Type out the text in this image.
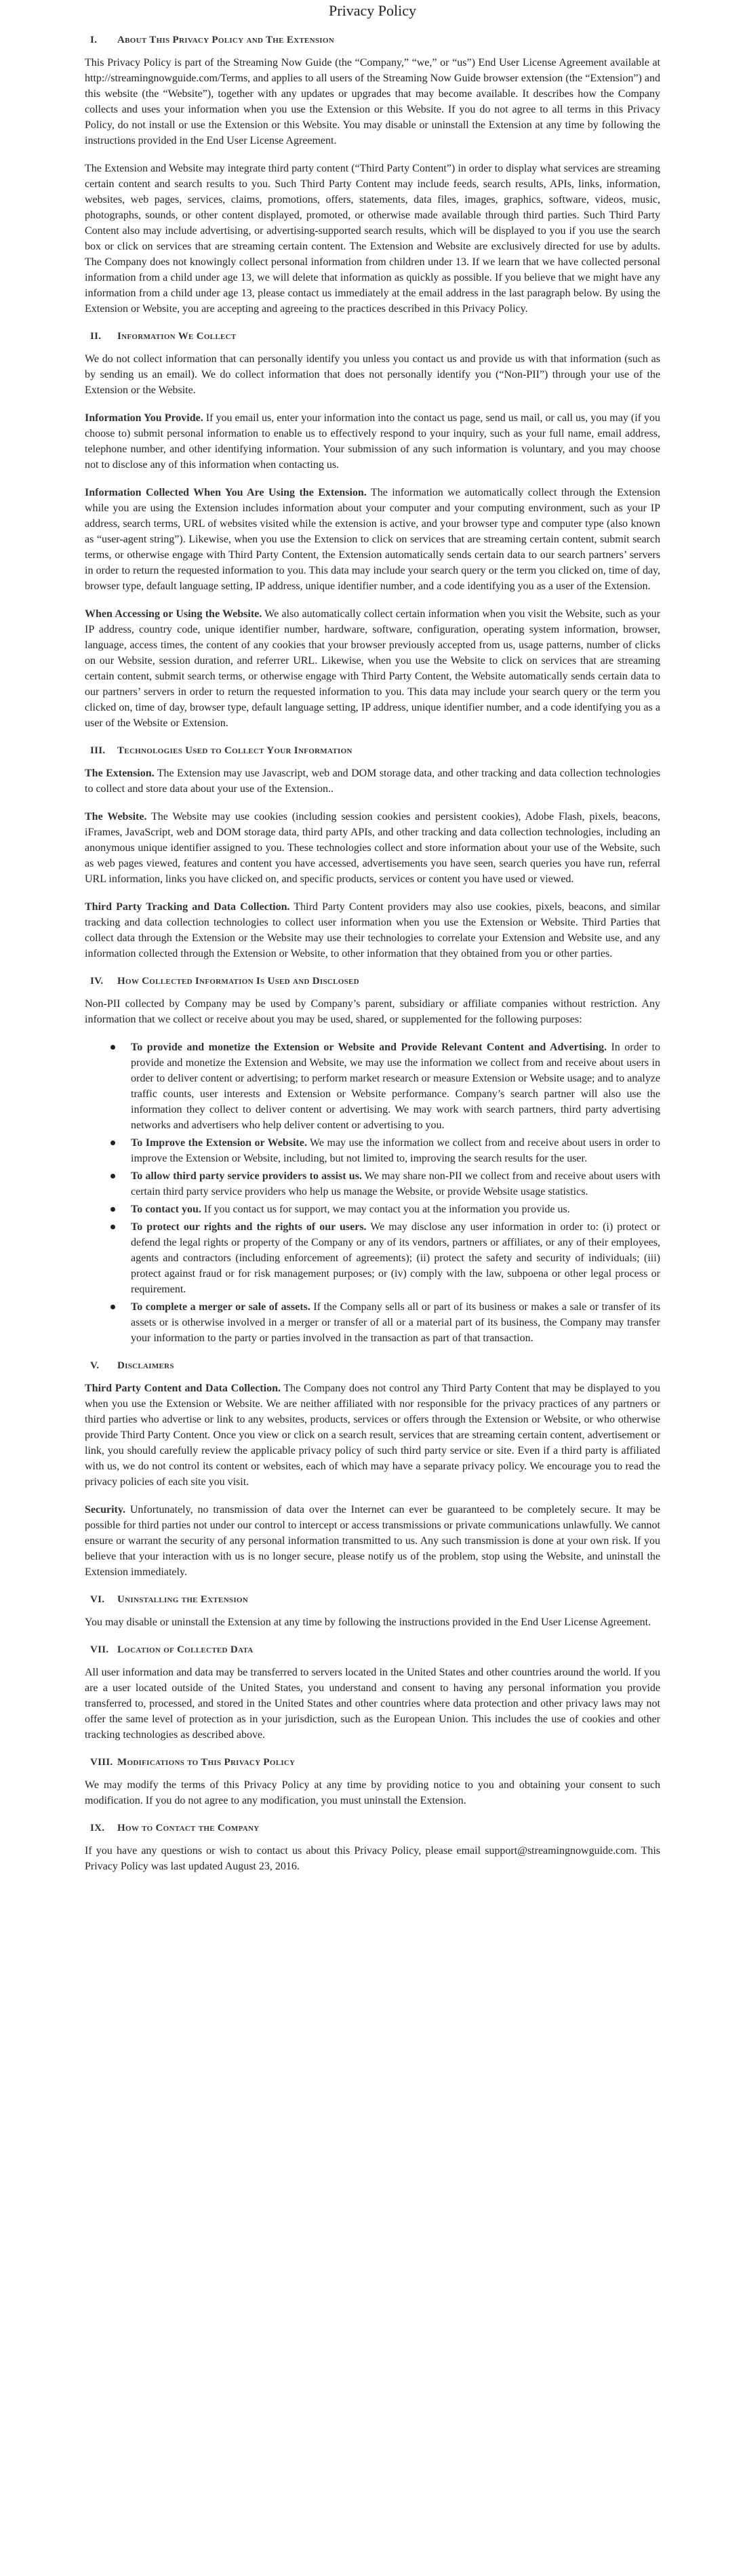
Privacy Policy
I. About This Privacy Policy and The Extension

This Privacy Policy is part of the Streaming Now Guide (the “Company,” “we,” or “us”) End User License Agreement available at http://streamingnowguide.com/Terms, and applies to all users of the Streaming Now Guide browser extension (the “Extension”) and this website (the “Website”), together with any updates or upgrades that may become available. It describes how the Company collects and uses your information when you use the Extension or this Website. If you do not agree to all terms in this Privacy Policy, do not install or use the Extension or this Website. You may disable or uninstall the Extension at any time by following the instructions provided in the End User License Agreement.

The Extension and Website may integrate third party content (“Third Party Content”) in order to display what services are streaming certain content and search results to you. Such Third Party Content may include feeds, search results, APIs, links, information, websites, web pages, services, claims, promotions, offers, statements, data files, images, graphics, software, videos, music, photographs, sounds, or other content displayed, promoted, or otherwise made available through third parties. Such Third Party Content also may include advertising, or advertising-supported search results, which will be displayed to you if you use the search box or click on services that are streaming certain content. The Extension and Website are exclusively directed for use by adults. The Company does not knowingly collect personal information from children under 13. If we learn that we have collected personal information from a child under age 13, we will delete that information as quickly as possible. If you believe that we might have any information from a child under age 13, please contact us immediately at the email address in the last paragraph below. By using the Extension or Website, you are accepting and agreeing to the practices described in this Privacy Policy.

II. Information We Collect

We do not collect information that can personally identify you unless you contact us and provide us with that information (such as by sending us an email). We do collect information that does not personally identify you (“Non-PII”) through your use of the Extension or the Website.

Information You Provide. If you email us, enter your information into the contact us page, send us mail, or call us, you may (if you choose to) submit personal information to enable us to effectively respond to your inquiry, such as your full name, email address, telephone number, and other identifying information. Your submission of any such information is voluntary, and you may choose not to disclose any of this information when contacting us.

Information Collected When You Are Using the Extension. The information we automatically collect through the Extension while you are using the Extension includes information about your computer and your computing environment, such as your IP address, search terms, URL of websites visited while the extension is active, and your browser type and computer type (also known as “user-agent string”). Likewise, when you use the Extension to click on services that are streaming certain content, submit search terms, or otherwise engage with Third Party Content, the Extension automatically sends certain data to our search partners’ servers in order to return the requested information to you. This data may include your search query or the term you clicked on, time of day, browser type, default language setting, IP address, unique identifier number, and a code identifying you as a user of the Extension.

When Accessing or Using the Website. We also automatically collect certain information when you visit the Website, such as your IP address, country code, unique identifier number, hardware, software, configuration, operating system information, browser, language, access times, the content of any cookies that your browser previously accepted from us, usage patterns, number of clicks on our Website, session duration, and referrer URL. Likewise, when you use the Website to click on services that are streaming certain content, submit search terms, or otherwise engage with Third Party Content, the Website automatically sends certain data to our partners’ servers in order to return the requested information to you. This data may include your search query or the term you clicked on, time of day, browser type, default language setting, IP address, unique identifier number, and a code identifying you as a user of the Website or Extension.

III. Technologies Used to Collect Your Information

The Extension. The Extension may use Javascript, web and DOM storage data, and other tracking and data collection technologies to collect and store data about your use of the Extension..

The Website. The Website may use cookies (including session cookies and persistent cookies), Adobe Flash, pixels, beacons, iFrames, JavaScript, web and DOM storage data, third party APIs, and other tracking and data collection technologies, including an anonymous unique identifier assigned to you. These technologies collect and store information about your use of the Website, such as web pages viewed, features and content you have accessed, advertisements you have seen, search queries you have run, referral URL information, links you have clicked on, and specific products, services or content you have used or viewed.

Third Party Tracking and Data Collection. Third Party Content providers may also use cookies, pixels, beacons, and similar tracking and data collection technologies to collect user information when you use the Extension or Website. Third Parties that collect data through the Extension or the Website may use their technologies to correlate your Extension and Website use, and any information collected through the Extension or Website, to other information that they obtained from you or other parties.

IV. How Collected Information Is Used and Disclosed

Non-PII collected by Company may be used by Company’s parent, subsidiary or affiliate companies without restriction. Any information that we collect or receive about you may be used, shared, or supplemented for the following purposes:

To provide and monetize the Extension or Website and Provide Relevant Content and Advertising. In order to provide and monetize the Extension and Website, we may use the information we collect from and receive about users in order to deliver content or advertising; to perform market research or measure Extension or Website usage; and to analyze traffic counts, user interests and Extension or Website performance. Company’s search partner will also use the information they collect to deliver content or advertising. We may work with search partners, third party advertising networks and advertisers who help deliver content or advertising to you.
To Improve the Extension or Website. We may use the information we collect from and receive about users in order to improve the Extension or Website, including, but not limited to, improving the search results for the user.
To allow third party service providers to assist us. We may share non-PII we collect from and receive about users with certain third party service providers who help us manage the Website, or provide Website usage statistics.
To contact you. If you contact us for support, we may contact you at the information you provide us.
To protect our rights and the rights of our users. We may disclose any user information in order to: (i) protect or defend the legal rights or property of the Company or any of its vendors, partners or affiliates, or any of their employees, agents and contractors (including enforcement of agreements); (ii) protect the safety and security of individuals; (iii) protect against fraud or for risk management purposes; or (iv) comply with the law, subpoena or other legal process or requirement.
To complete a merger or sale of assets. If the Company sells all or part of its business or makes a sale or transfer of its assets or is otherwise involved in a merger or transfer of all or a material part of its business, the Company may transfer your information to the party or parties involved in the transaction as part of that transaction.
V. Disclaimers

Third Party Content and Data Collection. The Company does not control any Third Party Content that may be displayed to you when you use the Extension or Website. We are neither affiliated with nor responsible for the privacy practices of any partners or third parties who advertise or link to any websites, products, services or offers through the Extension or Website, or who otherwise provide Third Party Content. Once you view or click on a search result, services that are streaming certain content, advertisement or link, you should carefully review the applicable privacy policy of such third party service or site. Even if a third party is affiliated with us, we do not control its content or websites, each of which may have a separate privacy policy. We encourage you to read the privacy policies of each site you visit.

Security. Unfortunately, no transmission of data over the Internet can ever be guaranteed to be completely secure. It may be possible for third parties not under our control to intercept or access transmissions or private communications unlawfully. We cannot ensure or warrant the security of any personal information transmitted to us. Any such transmission is done at your own risk. If you believe that your interaction with us is no longer secure, please notify us of the problem, stop using the Website, and uninstall the Extension immediately.

VI. Uninstalling the Extension

You may disable or uninstall the Extension at any time by following the instructions provided in the End User License Agreement.

VII. Location of Collected Data

All user information and data may be transferred to servers located in the United States and other countries around the world. If you are a user located outside of the United States, you understand and consent to having any personal information you provide transferred to, processed, and stored in the United States and other countries where data protection and other privacy laws may not offer the same level of protection as in your jurisdiction, such as the European Union. This includes the use of cookies and other tracking technologies as described above.

VIII. Modifications to This Privacy Policy

We may modify the terms of this Privacy Policy at any time by providing notice to you and obtaining your consent to such modification. If you do not agree to any modification, you must uninstall the Extension.

IX. How to Contact the Company

If you have any questions or wish to contact us about this Privacy Policy, please email support@streamingnowguide.com. This Privacy Policy was last updated August 23, 2016.
